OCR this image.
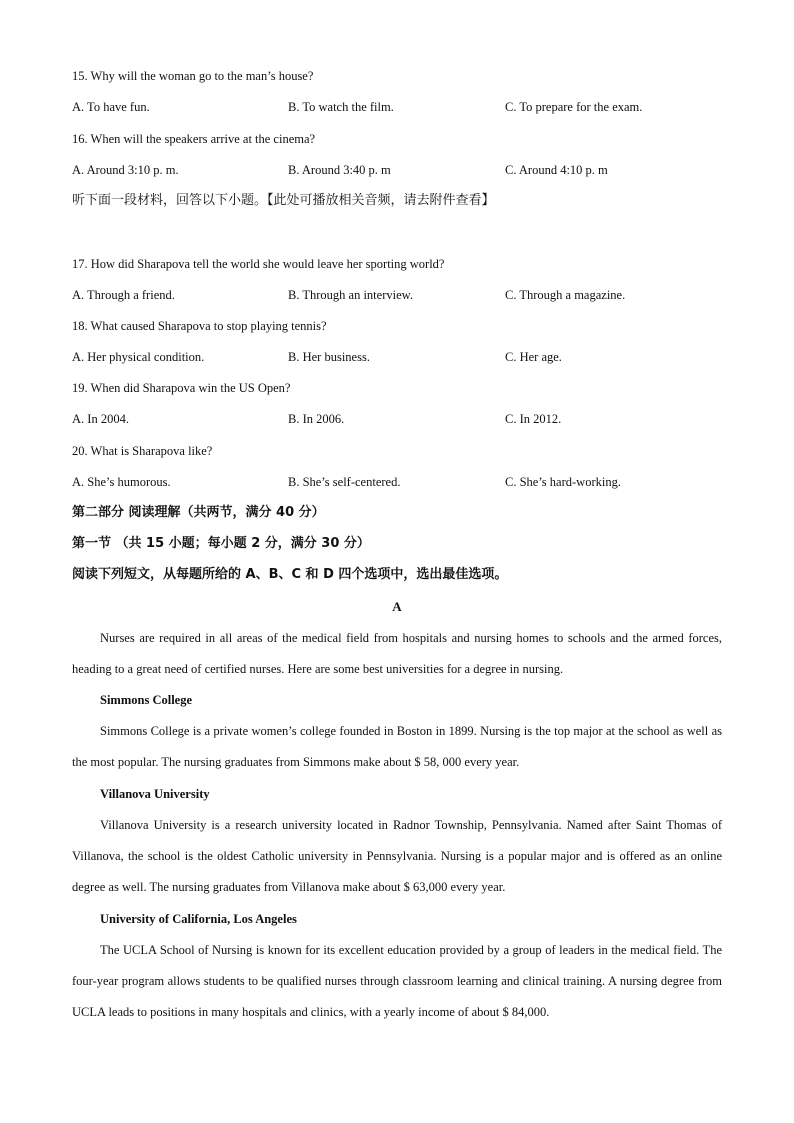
15. Why will the woman go to the man’s house?
A. To have fun.	B. To watch the film.	C. To prepare for the exam.
16. When will the speakers arrive at the cinema?
A. Around 3:10 p. m.	B. Around 3:40 p. m	C. Around 4:10 p. m
听下面一段材料，回答以下小题。【此处可播放相关音频，请去附件查看】
17. How did Sharapova tell the world she would leave her sporting world?
A. Through a friend.	B. Through an interview.	C. Through a magazine.
18. What caused Sharapova to stop playing tennis?
A. Her physical condition.	B. Her business.	C. Her age.
19. When did Sharapova win the US Open?
A. In 2004.	B. In 2006.	C. In 2012.
20. What is Sharapova like?
A. She’s humorous.	B. She’s self-centered.	C. She’s hard-working.
第二部分 阅读理解（共两节，满分 40 分）
第一节 （共 15 小题；每小题 2 分，满分 30 分）
阅读下列短文，从每题所给的 A、B、C 和 D 四个选项中，选出最佳选项。
A
Nurses are required in all areas of the medical field from hospitals and nursing homes to schools and the armed forces, heading to a great need of certified nurses. Here are some best universities for a degree in nursing.
Simmons College
Simmons College is a private women’s college founded in Boston in 1899. Nursing is the top major at the school as well as the most popular. The nursing graduates from Simmons make about $ 58, 000 every year.
Villanova University
Villanova University is a research university located in Radnor Township, Pennsylvania. Named after Saint Thomas of Villanova, the school is the oldest Catholic university in Pennsylvania. Nursing is a popular major and is offered as an online degree as well. The nursing graduates from Villanova make about $ 63,000 every year.
University of California, Los Angeles
The UCLA School of Nursing is known for its excellent education provided by a group of leaders in the medical field. The four-year program allows students to be qualified nurses through classroom learning and clinical training. A nursing degree from UCLA leads to positions in many hospitals and clinics, with a yearly income of about $ 84,000.
